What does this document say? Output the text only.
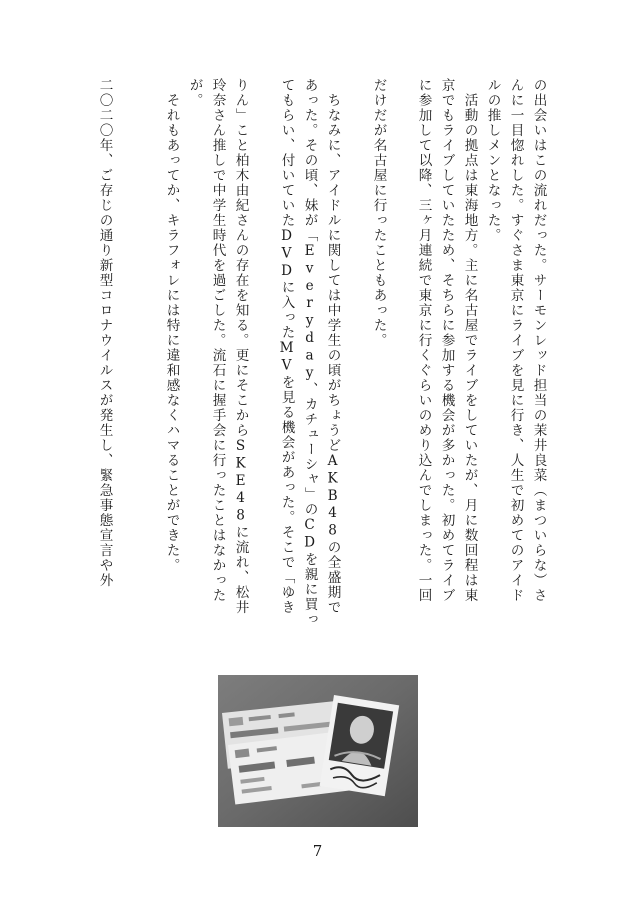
の出会いはこの流れだった。サーモンレッド担当の茉井良菜（まついらな）さ
んに一目惚れした。すぐさま東京にライブを見に行き、人生で初めてのアイド
ルの推しメンとなった。
　活動の拠点は東海地方。主に名古屋でライブをしていたが、月に数回程は東
京でもライブしていたため、そちらに参加する機会が多かった。初めてライブ
に参加して以降、三ヶ月連続で東京に行くぐらいのめり込んでしまった。一回
だけだが名古屋に行ったこともあった。
　ちなみに、アイドルに関しては中学生の頃がちょうどAKB48の全盛期で
あった。その頃、妹が「Everyday、カチューシャ」のCDを親に買っ
てもらい、付いていたDVDに入ったMVを見る機会があった。そこで「ゆき
りん」こと柏木由紀さんの存在を知る。更にそこからSKE48に流れ、松井
玲奈さん推しで中学生時代を過ごした。流石に握手会に行ったことはなかった
が。
　それもあってか、キラフォレには特に違和感なくハマることができた。
二〇二〇年、ご存じの通り新型コロナウイルスが発生し、緊急事態宣言や外
7
